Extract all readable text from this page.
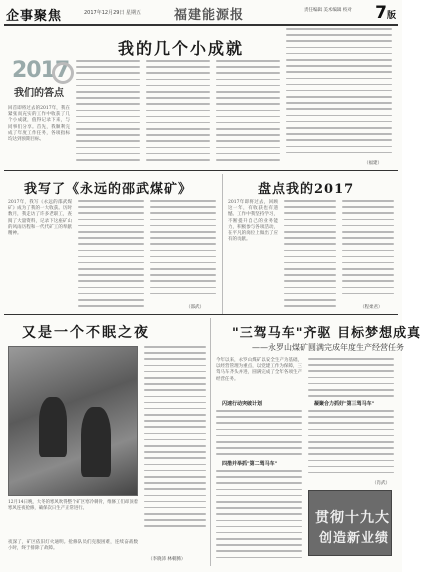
企事聚焦	2017年12月29日 星期五	福建能源报	责任编辑 美术编辑 校对	7版
2017
我们的答点
我的几个小成就
回首即将过去的2017年，我在紧张而充实的工作中收获了几个小成就，值得记录下来，与同事们分享。首先，我顺利完成了年度工作任务，各项指标均达到预期目标。
（福建）
我写了《永远的邵武煤矿》
2017年，我写《永远的邵武煤矿》成为了我的一大收获。历时数月，我走访了许多老职工，查阅了大量资料，记录下这座矿山的风雨历程和一代代矿工的奉献精神。
（邵武）
盘点我的2017
2017年即将过去，回顾这一年，有收获也有遗憾。工作中我坚持学习，不断提升自己的业务能力，积极参与各项活动，在平凡的岗位上做出了应有的贡献。
（程柔君）
又是一个不眠之夜
12月14日晚，大冬的寒风吹得整个矿区寒冷刺骨，维修工们却顶着寒风连夜抢修，确保次日生产正常进行。
夜深了，矿区依旧灯火通明。抢修队员们克服困难，连续奋战数小时，终于排除了故障。
（李晓沛 林朝腾）
"三驾马车"齐驱 目标梦想成真
——永罗山煤矿圆满完成年度生产经营任务
今年以来，永罗山煤矿以安全生产为基础，以经营管理为重点，以党建工作为保障，三驾马车齐头并进，圆满完成了全年各项生产经营任务。
闪速行动突破计划
四措并举抓"第二驾马车"
凝聚合力抓好"第三驾马车"
（肖武）
贯彻十九大
创造新业绩
